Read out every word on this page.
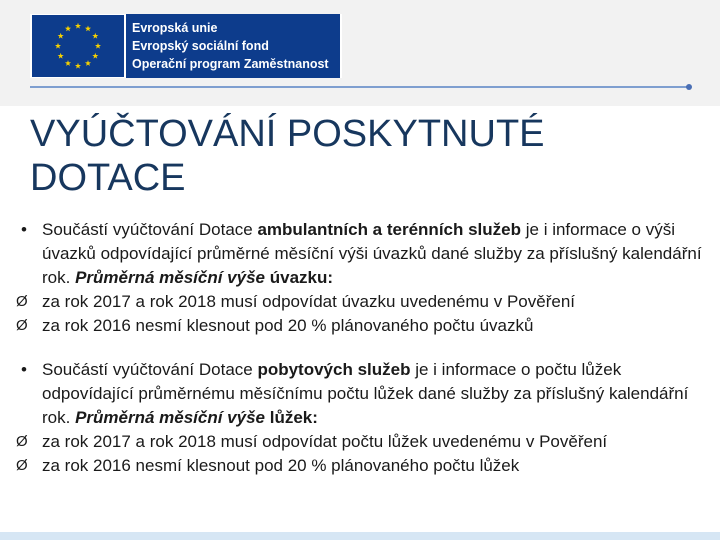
Evropská unie
Evropský sociální fond
Operační program Zaměstnanost
VYÚČTOVÁNÍ POSKYTNUTÉ
DOTACE

• Součástí vyúčtování Dotace ambulantních a terénních služeb je i informace o výši úvazků odpovídající průměrné měsíční výši úvazků dané služby za příslušný kalendářní rok. Průměrná měsíční výše úvazku:

Ø za rok 2017 a rok 2018 musí odpovídat úvazku uvedenému v Pověření

Ø za rok 2016 nesmí klesnout pod 20 % plánovaného počtu úvazků

• Součástí vyúčtování Dotace pobytových služeb je i informace o počtu lůžek odpovídající průměrnému měsíčnímu počtu lůžek dané služby za příslušný kalendářní rok. Průměrná měsíční výše lůžek:

Ø za rok 2017 a rok 2018 musí odpovídat počtu lůžek uvedenému v Pověření

Ø za rok 2016 nesmí klesnout pod 20 % plánovaného počtu lůžek
